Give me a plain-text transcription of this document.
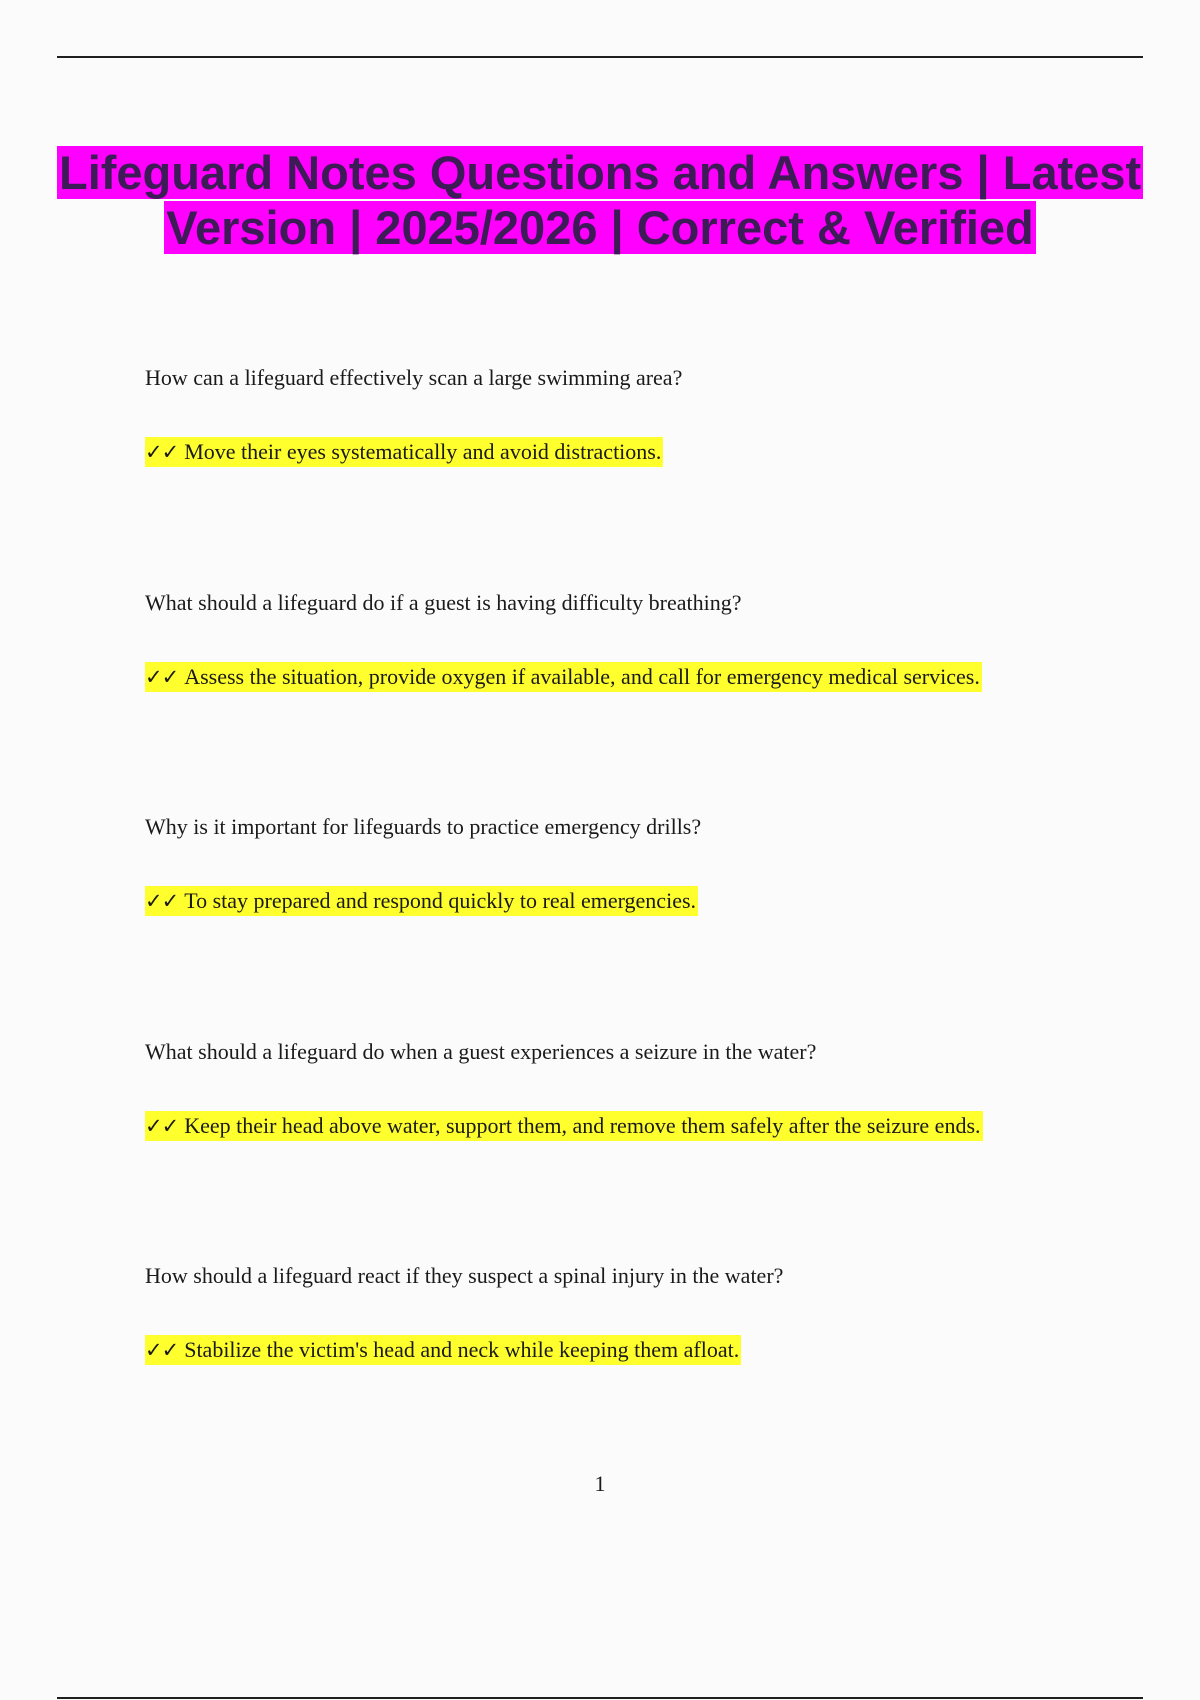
Lifeguard Notes Questions and Answers | Latest Version | 2025/2026 | Correct & Verified

How can a lifeguard effectively scan a large swimming area?

✓✓ Move their eyes systematically and avoid distractions.

What should a lifeguard do if a guest is having difficulty breathing?

✓✓ Assess the situation, provide oxygen if available, and call for emergency medical services.

Why is it important for lifeguards to practice emergency drills?

✓✓ To stay prepared and respond quickly to real emergencies.

What should a lifeguard do when a guest experiences a seizure in the water?

✓✓ Keep their head above water, support them, and remove them safely after the seizure ends.

How should a lifeguard react if they suspect a spinal injury in the water?

✓✓ Stabilize the victim's head and neck while keeping them afloat.

1
